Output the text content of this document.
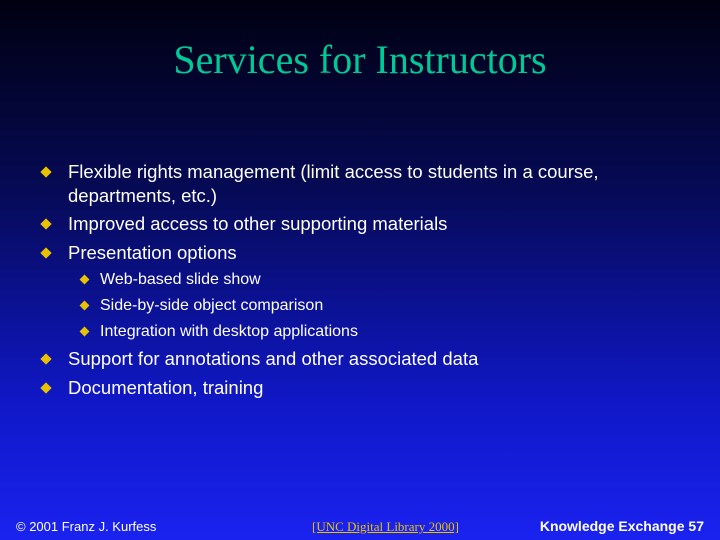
Services for Instructors
Flexible rights management (limit access to students in a course, departments, etc.)
Improved access to other supporting materials
Presentation options
Web-based slide show
Side-by-side object comparison
Integration with desktop applications
Support for annotations and other associated data
Documentation, training
© 2001 Franz J. Kurfess	[UNC Digital Library 2000]	Knowledge Exchange 57
